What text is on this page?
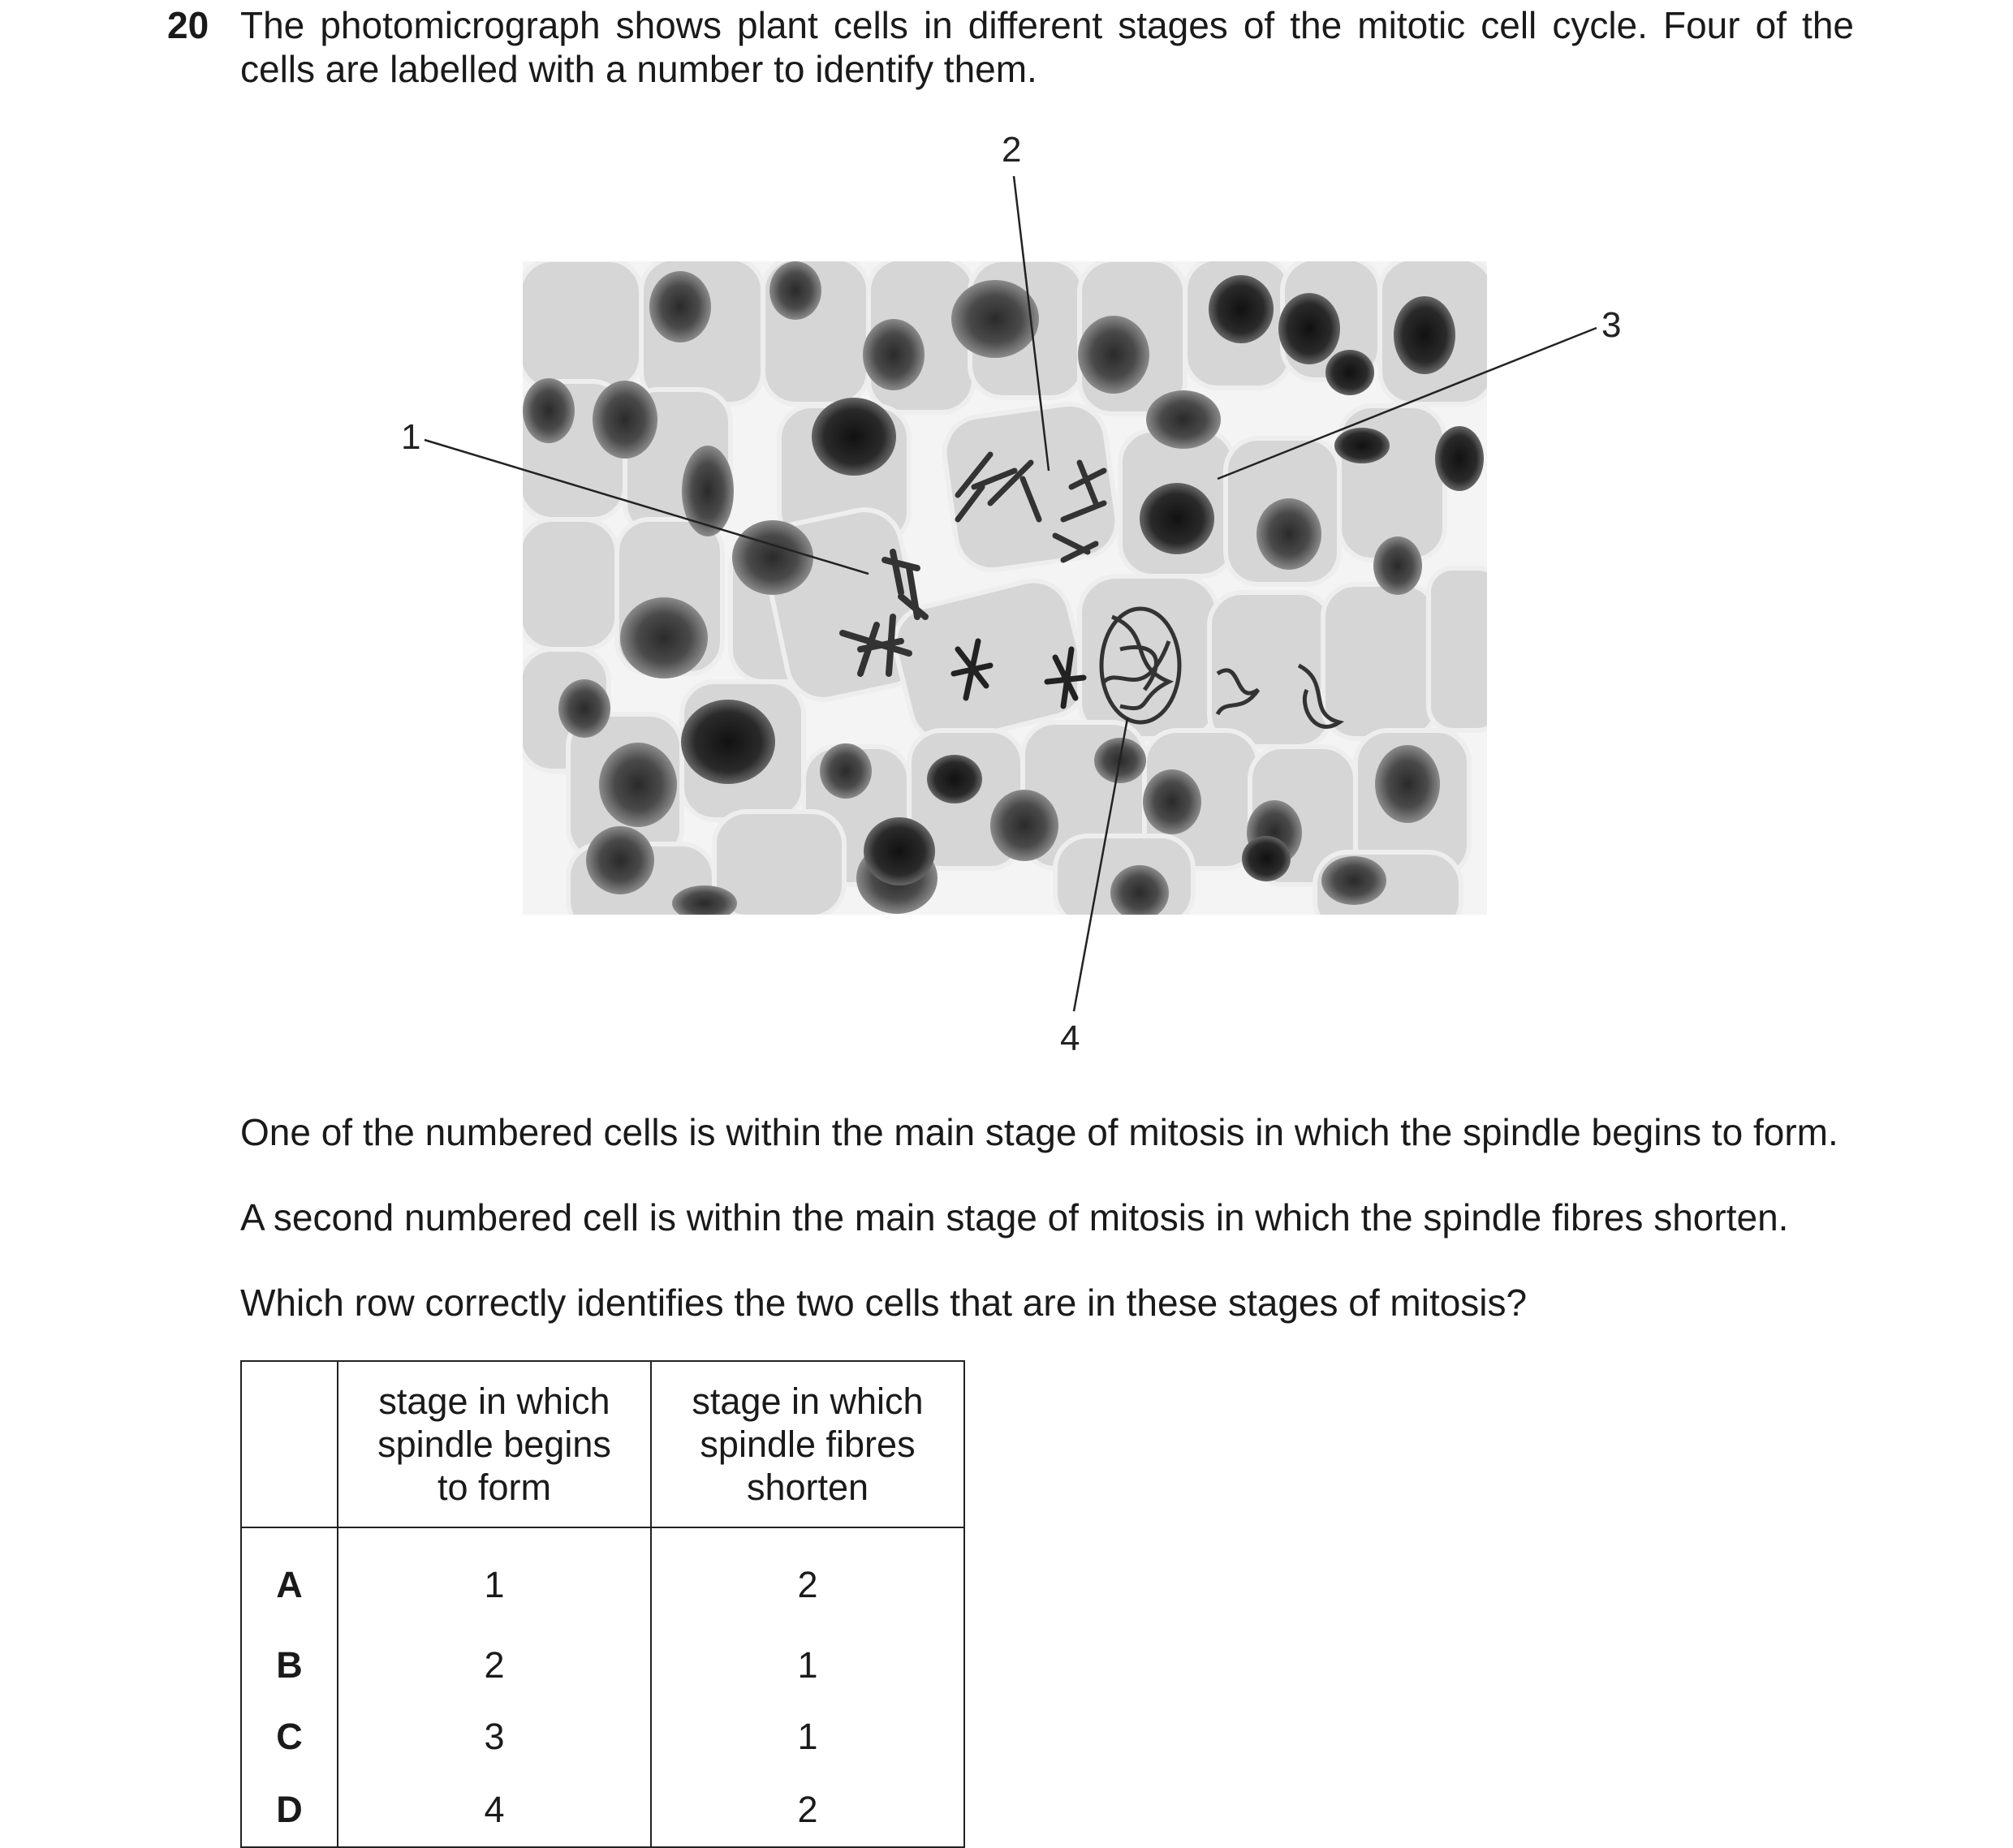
20 The photomicrograph shows plant cells in different stages of the mitotic cell cycle. Four of the
cells are labelled with a number to identify them.
1
2
3
4
One of the numbered cells is within the main stage of mitosis in which the spindle begins to form.
A second numbered cell is within the main stage of mitosis in which the spindle fibres shorten.
Which row correctly identifies the two cells that are in these stages of mitosis?
	stage in which spindle begins to form	stage in which spindle fibres shorten
A	1	2
B	2	1
C	3	1
D	4	2
